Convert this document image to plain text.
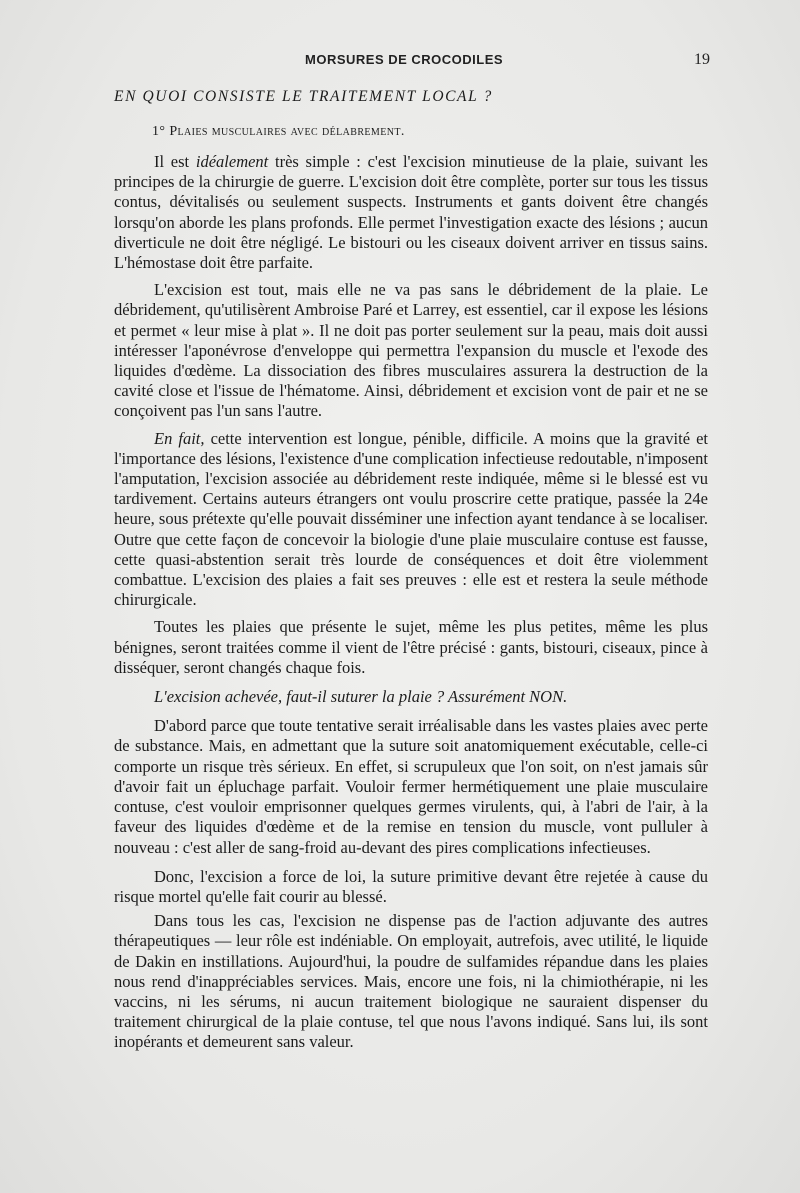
MORSURES DE CROCODILES	19
EN QUOI CONSISTE LE TRAITEMENT LOCAL ?
1° Plaies musculaires avec délabrement.

Il est idéalement très simple : c'est l'excision minutieuse de la plaie, suivant les principes de la chirurgie de guerre. L'excision doit être complète, porter sur tous les tissus contus, dévitalisés ou seulement suspects. Instruments et gants doivent être changés lorsqu'on aborde les plans profonds. Elle permet l'investigation exacte des lésions ; aucun diverticule ne doit être négligé. Le bistouri ou les ciseaux doivent arriver en tissus sains. L'hémostase doit être parfaite.

L'excision est tout, mais elle ne va pas sans le débridement de la plaie. Le débridement, qu'utilisèrent Ambroise Paré et Larrey, est essentiel, car il expose les lésions et permet « leur mise à plat ». Il ne doit pas porter seulement sur la peau, mais doit aussi intéresser l'aponévrose d'enveloppe qui permettra l'expansion du muscle et l'exode des liquides d'œdème. La dissociation des fibres musculaires assurera la destruction de la cavité close et l'issue de l'hématome. Ainsi, débridement et excision vont de pair et ne se conçoivent pas l'un sans l'autre.

En fait, cette intervention est longue, pénible, difficile. A moins que la gravité et l'importance des lésions, l'existence d'une complication infectieuse redoutable, n'imposent l'amputation, l'excision associée au débridement reste indiquée, même si le blessé est vu tardivement. Certains auteurs étrangers ont voulu proscrire cette pratique, passée la 24e heure, sous prétexte qu'elle pouvait disséminer une infection ayant tendance à se localiser. Outre que cette façon de concevoir la biologie d'une plaie musculaire contuse est fausse, cette quasi-abstention serait très lourde de conséquences et doit être violemment combattue. L'excision des plaies a fait ses preuves : elle est et restera la seule méthode chirurgicale.

Toutes les plaies que présente le sujet, même les plus petites, même les plus bénignes, seront traitées comme il vient de l'être précisé : gants, bistouri, ciseaux, pince à disséquer, seront changés chaque fois.

L'excision achevée, faut-il suturer la plaie ? Assurément NON.

D'abord parce que toute tentative serait irréalisable dans les vastes plaies avec perte de substance. Mais, en admettant que la suture soit anatomiquement exécutable, celle-ci comporte un risque très sérieux. En effet, si scrupuleux que l'on soit, on n'est jamais sûr d'avoir fait un épluchage parfait. Vouloir fermer hermétiquement une plaie musculaire contuse, c'est vouloir emprisonner quelques germes virulents, qui, à l'abri de l'air, à la faveur des liquides d'œdème et de la remise en tension du muscle, vont pulluler à nouveau : c'est aller de sang-froid au-devant des pires complications infectieuses.

Donc, l'excision a force de loi, la suture primitive devant être rejetée à cause du risque mortel qu'elle fait courir au blessé.

Dans tous les cas, l'excision ne dispense pas de l'action adjuvante des autres thérapeutiques — leur rôle est indéniable. On employait, autrefois, avec utilité, le liquide de Dakin en instillations. Aujourd'hui, la poudre de sulfamides répandue dans les plaies nous rend d'inappréciables services. Mais, encore une fois, ni la chimiothérapie, ni les vaccins, ni les sérums, ni aucun traitement biologique ne sauraient dispenser du traitement chirurgical de la plaie contuse, tel que nous l'avons indiqué. Sans lui, ils sont inopérants et demeurent sans valeur.
